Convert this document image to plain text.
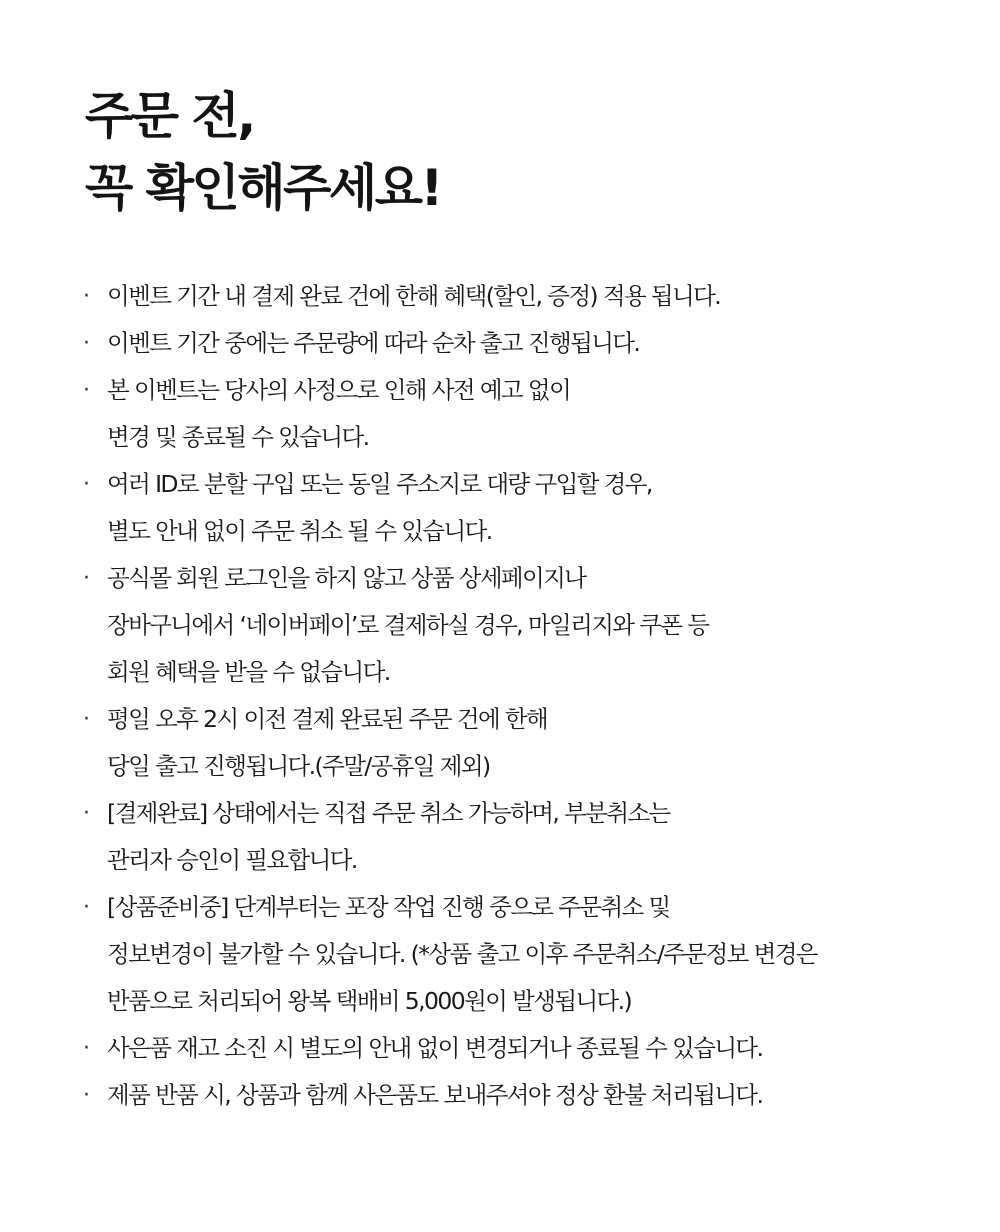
주문 전,
꼭 확인해주세요!
· 이벤트 기간 내 결제 완료 건에 한해 혜택(할인, 증정) 적용 됩니다.
· 이벤트 기간 중에는 주문량에 따라 순차 출고 진행됩니다.
· 본 이벤트는 당사의 사정으로 인해 사전 예고 없이
변경 및 종료될 수 있습니다.
· 여러 ID로 분할 구입 또는 동일 주소지로 대량 구입할 경우,
별도 안내 없이 주문 취소 될 수 있습니다.
· 공식몰 회원 로그인을 하지 않고 상품 상세페이지나
장바구니에서 ‘네이버페이’로 결제하실 경우, 마일리지와 쿠폰 등
회원 혜택을 받을 수 없습니다.
· 평일 오후 2시 이전 결제 완료된 주문 건에 한해
당일 출고 진행됩니다.(주말/공휴일 제외)
· [결제완료] 상태에서는 직접 주문 취소 가능하며, 부분취소는
관리자 승인이 필요합니다.
· [상품준비중] 단계부터는 포장 작업 진행 중으로 주문취소 및
정보변경이 불가할 수 있습니다. (*상품 출고 이후 주문취소/주문정보 변경은
반품으로 처리되어 왕복 택배비 5,000원이 발생됩니다.)
· 사은품 재고 소진 시 별도의 안내 없이 변경되거나 종료될 수 있습니다.
· 제품 반품 시, 상품과 함께 사은품도 보내주셔야 정상 환불 처리됩니다.
